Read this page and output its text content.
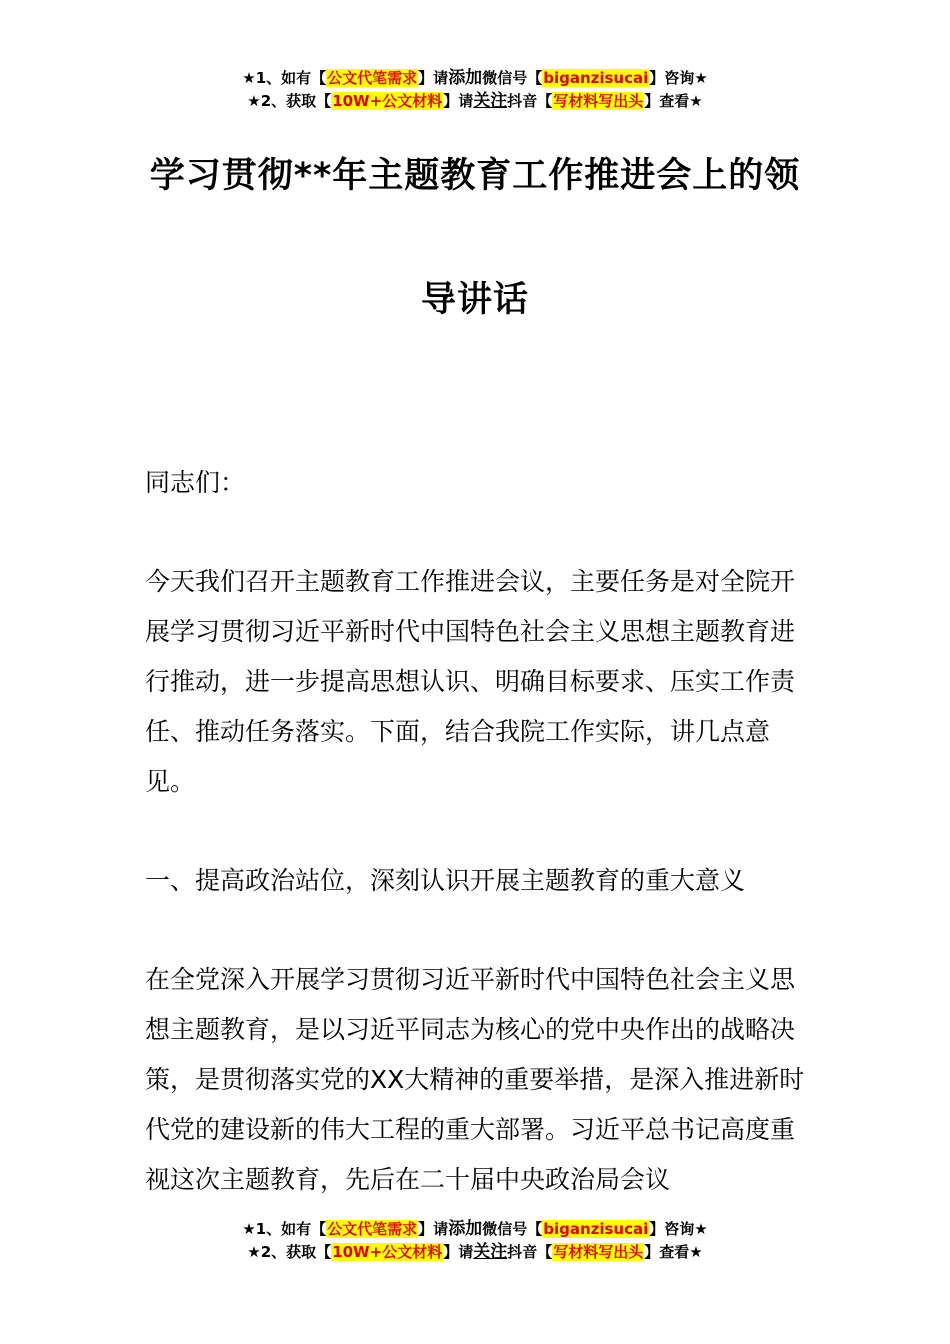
★1、如有【公文代笔需求】请添加微信号【biganzisucai】咨询★
★2、获取【10W+公文材料】请关注抖音【写材料写出头】查看★
学习贯彻**年主题教育工作推进会上的领
导讲话
同志们：
今天我们召开主题教育工作推进会议，主要任务是对全院开展学习贯彻习近平新时代中国特色社会主义思想主题教育进行推动，进一步提高思想认识、明确目标要求、压实工作责任、推动任务落实。下面，结合我院工作实际，讲几点意见。
一、提高政治站位，深刻认识开展主题教育的重大意义
在全党深入开展学习贯彻习近平新时代中国特色社会主义思想主题教育，是以习近平同志为核心的党中央作出的战略决策，是贯彻落实党的XX大精神的重要举措，是深入推进新时代党的建设新的伟大工程的重大部署。习近平总书记高度重视这次主题教育，先后在二十届中央政治局会议
★1、如有【公文代笔需求】请添加微信号【biganzisucai】咨询★
★2、获取【10W+公文材料】请关注抖音【写材料写出头】查看★
